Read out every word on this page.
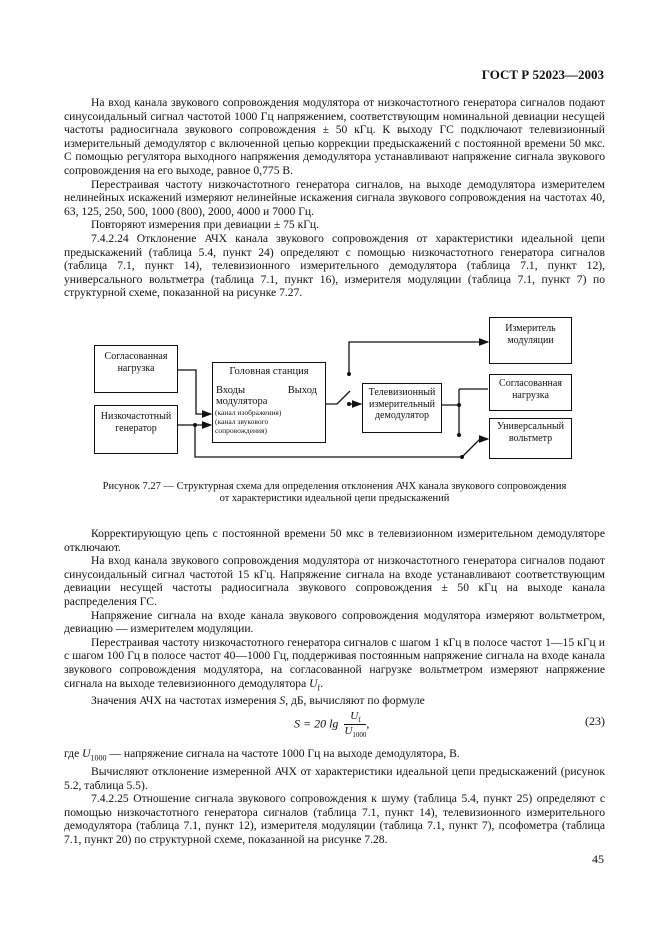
ГОСТ Р 52023—2003

На вход канала звукового сопровождения модулятора от низкочастотного генератора сигналов подают синусоидальный сигнал частотой 1000 Гц напряжением, соответствующим номинальной девиации несущей частоты радиосигнала звукового сопровождения ± 50 кГц. К выходу ГС подключают телевизионный измерительный демодулятор с включенной цепью коррекции предыскажений с постоянной времени 50 мкс. С помощью регулятора выходного напряжения демодулятора устанавливают напряжение сигнала звукового сопровождения на его выходе, равное 0,775 В.

Перестраивая частоту низкочастотного генератора сигналов, на выходе демодулятора измерителем нелинейных искажений измеряют нелинейные искажения сигнала звукового сопровождения на частотах 40, 63, 125, 250, 500, 1000 (800), 2000, 4000 и 7000 Гц.

Повторяют измерения при девиации ± 75 кГц.

7.4.2.24 Отклонение АЧХ канала звукового сопровождения от характеристики идеальной цепи предыскажений (таблица 5.4, пункт 24) определяют с помощью низкочастотного генератора сигналов (таблица 7.1, пункт 14), телевизионного измерительного демодулятора (таблица 7.1, пункт 12), универсального вольтметра (таблица 7.1, пункт 16), измерителя модуляции (таблица 7.1, пункт 7) по структурной схеме, показанной на рисунке 7.27.

Согласованная нагрузка
Низкочастотный генератор
Головная станция
Входы модулятора
Выход
(канал изображения)
(канал звукового сопровождения)
Телевизионный измерительный демодулятор
Измеритель модуляции
Согласованная нагрузка
Универсальный вольтметр
Рисунок 7.27 — Структурная схема для определения отклонения АЧХ канала звукового сопровождения
от характеристики идеальной цепи предыскажений

Корректирующую цепь с постоянной времени 50 мкс в телевизионном измерительном демодуляторе отключают.

На вход канала звукового сопровождения модулятора от низкочастотного генератора сигналов подают синусоидальный сигнал частотой 15 кГц. Напряжение сигнала на входе устанавливают соответствующим девиации несущей частоты радиосигнала звукового сопровождения ± 50 кГц на выходе канала распределения ГС.

Напряжение сигнала на входе канала звукового сопровождения модулятора измеряют вольтметром, девиацию — измерителем модуляции.

Перестраивая частоту низкочастотного генератора сигналов с шагом 1 кГц в полосе частот 1—15 кГц и с шагом 100 Гц в полосе частот 40—1000 Гц, поддерживая постоянным напряжение сигнала на входе канала звукового сопровождения модулятора, на согласованной нагрузке вольтметром измеряют напряжение сигнала на выходе телевизионного демодулятора $U_f$.

Значения АЧХ на частотах измерения S, дБ, вычисляют по формуле

S = 20 $\lg \frac{U_f}{U_{1000}}$ ,	(23)

где $U_{1000}$ — напряжение сигнала на частоте 1000 Гц на выходе демодулятора, В.

Вычисляют отклонение измеренной АЧХ от характеристики идеальной цепи предыскажений (рисунок 5.2, таблица 5.5).

7.4.2.25 Отношение сигнала звукового сопровождения к шуму (таблица 5.4, пункт 25) определяют с помощью низкочастотного генератора сигналов (таблица 7.1, пункт 14), телевизионного измерительного демодулятора (таблица 7.1, пункт 12), измерителя модуляции (таблица 7.1, пункт 7), псофометра (таблица 7.1, пункт 20) по структурной схеме, показанной на рисунке 7.28.

45
